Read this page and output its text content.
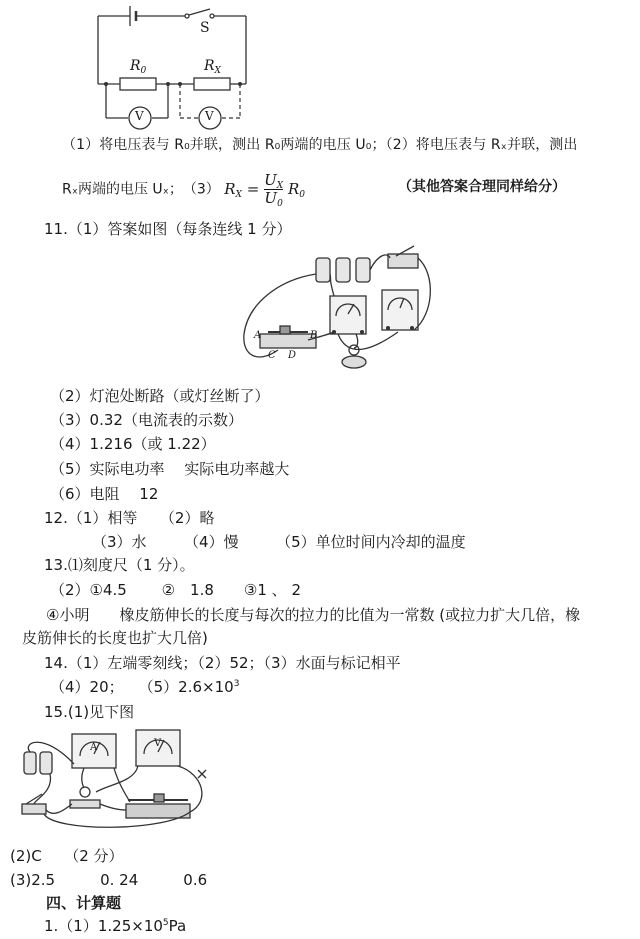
S
$R_0$	$R_X$
V	V
（1）将电压表与 R₀并联，测出 R₀两端的电压 U₀；（2）将电压表与 Rₓ并联，测出
Rₓ两端的电压 Uₓ；　（3） $R_X = \frac{U_X}{U_0} R_0$	（其他答案合理同样给分）
11.（1）答案如图（每条连线 1 分）
A	B
C D
（2）灯泡处断路（或灯丝断了）
（3）0.32（电流表的示数）
（4）1.216（或 1.22）
（5）实际电功率　 实际电功率越大
（6）电阻　 12
12.（1）相等　　（2）略
（3）水　　　（4）慢　　　（5）单位时间内冷却的温度
13.⑴刻度尺（1 分）。
（2）①4.5　　 ②　1.8　　③1 、 2
④小明　　橡皮筋伸长的长度与每次的拉力的比值为一常数 (或拉力扩大几倍，橡
皮筋伸长的长度也扩大几倍)
14.（1）左端零刻线；（2）52；（3）水面与标记相平
（4）20；　　$(5)2.6\times 10^3$
15.(1)见下图
A	V
(2)C　　（2 分）
(3)2.5　　　0. 24　　　0.6
四、计算题
$1.(1)1.25\times 10^5Pa$
